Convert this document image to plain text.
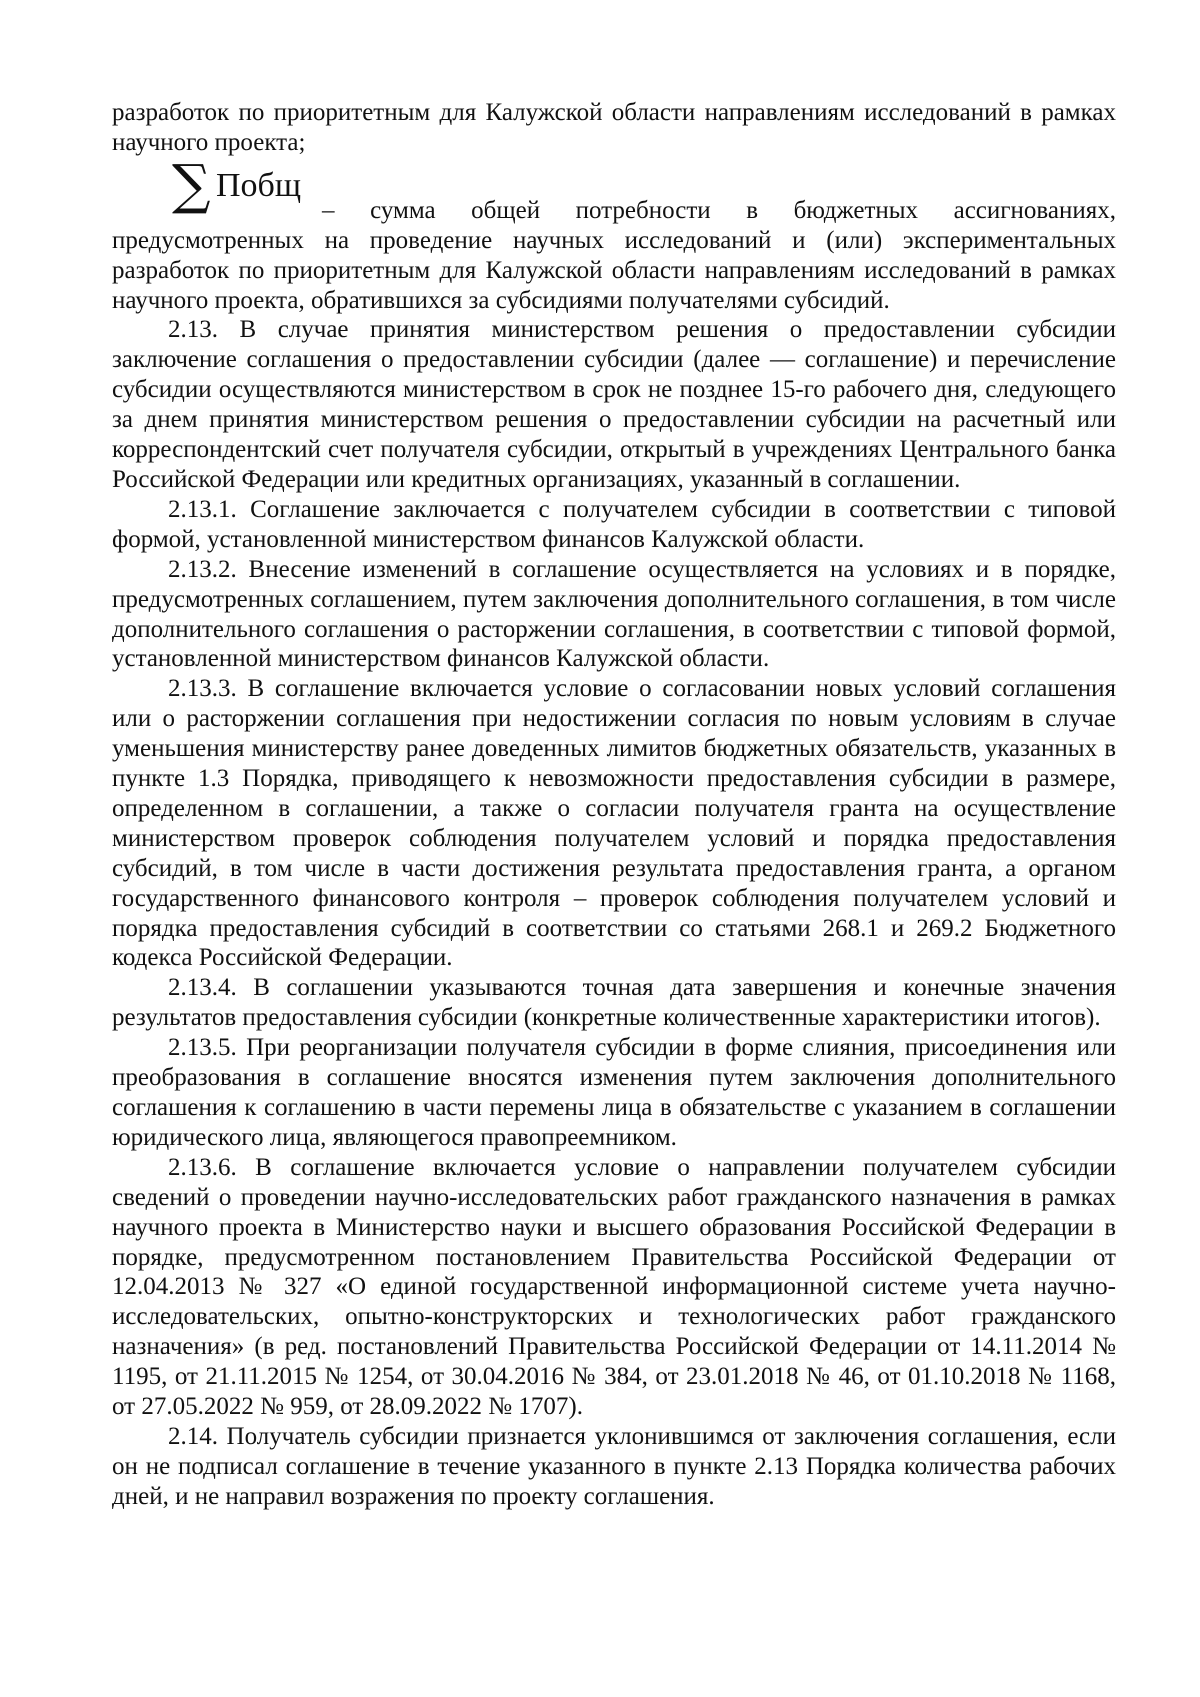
разработок по приоритетным для Калужской области направлениям исследований в рамках научного проекта;

∑ Побщ

– сумма общей потребности в бюджетных ассигнованиях, предусмотренных на проведение научных исследований и (или) экспериментальных разработок по приоритетным для Калужской области направлениям исследований в рамках научного проекта, обратившихся за субсидиями получателями субсидий.

2.13. В случае принятия министерством решения о предоставлении субсидии заключение соглашения о предоставлении субсидии (далее — соглашение) и перечисление субсидии осуществляются министерством в срок не позднее 15-го рабочего дня, следующего за днем принятия министерством решения о предоставлении субсидии на расчетный или корреспондентский счет получателя субсидии, открытый в учреждениях Центрального банка Российской Федерации или кредитных организациях, указанный в соглашении.

2.13.1. Соглашение заключается с получателем субсидии в соответствии с типовой формой, установленной министерством финансов Калужской области.

2.13.2. Внесение изменений в соглашение осуществляется на условиях и в порядке, предусмотренных соглашением, путем заключения дополнительного соглашения, в том числе дополнительного соглашения о расторжении соглашения, в соответствии с типовой формой, установленной министерством финансов Калужской области.

2.13.3. В соглашение включается условие о согласовании новых условий соглашения или о расторжении соглашения при недостижении согласия по новым условиям в случае уменьшения министерству ранее доведенных лимитов бюджетных обязательств, указанных в пункте 1.3 Порядка, приводящего к невозможности предоставления субсидии в размере, определенном в соглашении, а также о согласии получателя гранта на осуществление министерством проверок соблюдения получателем условий и порядка предоставления субсидий, в том числе в части достижения результата предоставления гранта, а органом государственного финансового контроля – проверок соблюдения получателем условий и порядка предоставления субсидий в соответствии со статьями 268.1 и 269.2 Бюджетного кодекса Российской Федерации.

2.13.4. В соглашении указываются точная дата завершения и конечные значения результатов предоставления субсидии (конкретные количественные характеристики итогов).

2.13.5. При реорганизации получателя субсидии в форме слияния, присоединения или преобразования в соглашение вносятся изменения путем заключения дополнительного соглашения к соглашению в части перемены лица в обязательстве с указанием в соглашении юридического лица, являющегося правопреемником.

2.13.6. В соглашение включается условие о направлении получателем субсидии сведений о проведении научно-исследовательских работ гражданского назначения в рамках научного проекта в Министерство науки и высшего образования Российской Федерации в порядке, предусмотренном постановлением Правительства Российской Федерации от 12.04.2013 № 327 «О единой государственной информационной системе учета научно-исследовательских, опытно-конструкторских и технологических работ гражданского назначения» (в ред. постановлений Правительства Российской Федерации от 14.11.2014 № 1195, от 21.11.2015 № 1254, от 30.04.2016 № 384, от 23.01.2018 № 46, от 01.10.2018 № 1168, от 27.05.2022 № 959, от 28.09.2022 № 1707).

2.14. Получатель субсидии признается уклонившимся от заключения соглашения, если он не подписал соглашение в течение указанного в пункте 2.13 Порядка количества рабочих дней, и не направил возражения по проекту соглашения.
